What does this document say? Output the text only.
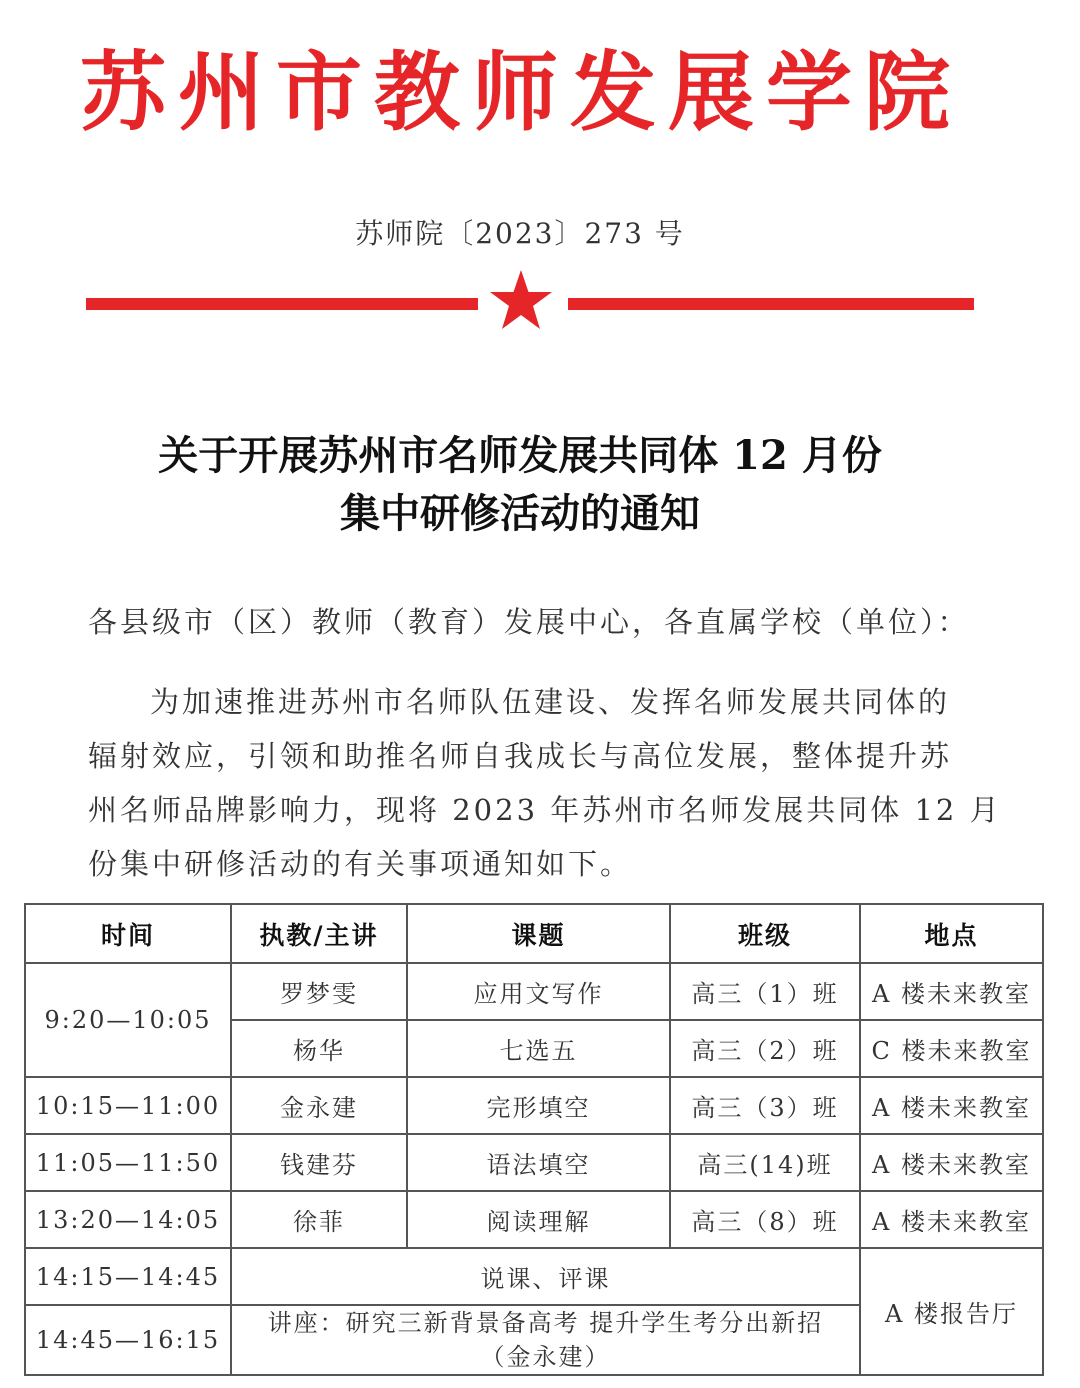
苏州市教师发展学院
苏师院〔2023〕273 号
关于开展苏州市名师发展共同体 12 月份
集中研修活动的通知
各县级市（区）教师（教育）发展中心，各直属学校（单位）：
为加速推进苏州市名师队伍建设、发挥名师发展共同体的
辐射效应，引领和助推名师自我成长与高位发展，整体提升苏
州名师品牌影响力，现将 2023 年苏州市名师发展共同体 12 月
份集中研修活动的有关事项通知如下。
时间	执教/主讲	课题	班级	地点
9:20—10:05	罗梦雯	应用文写作	高三（1）班	A 楼未来教室
	杨华	七选五	高三（2）班	C 楼未来教室
10:15—11:00	金永建	完形填空	高三（3）班	A 楼未来教室
11:05—11:50	钱建芬	语法填空	高三(14)班	A 楼未来教室
13:20—14:05	徐菲	阅读理解	高三（8）班	A 楼未来教室
14:15—14:45	说课、评课			A 楼报告厅
14:45—16:15	讲座：研究三新背景备高考 提升学生考分出新招
（金永建）			
